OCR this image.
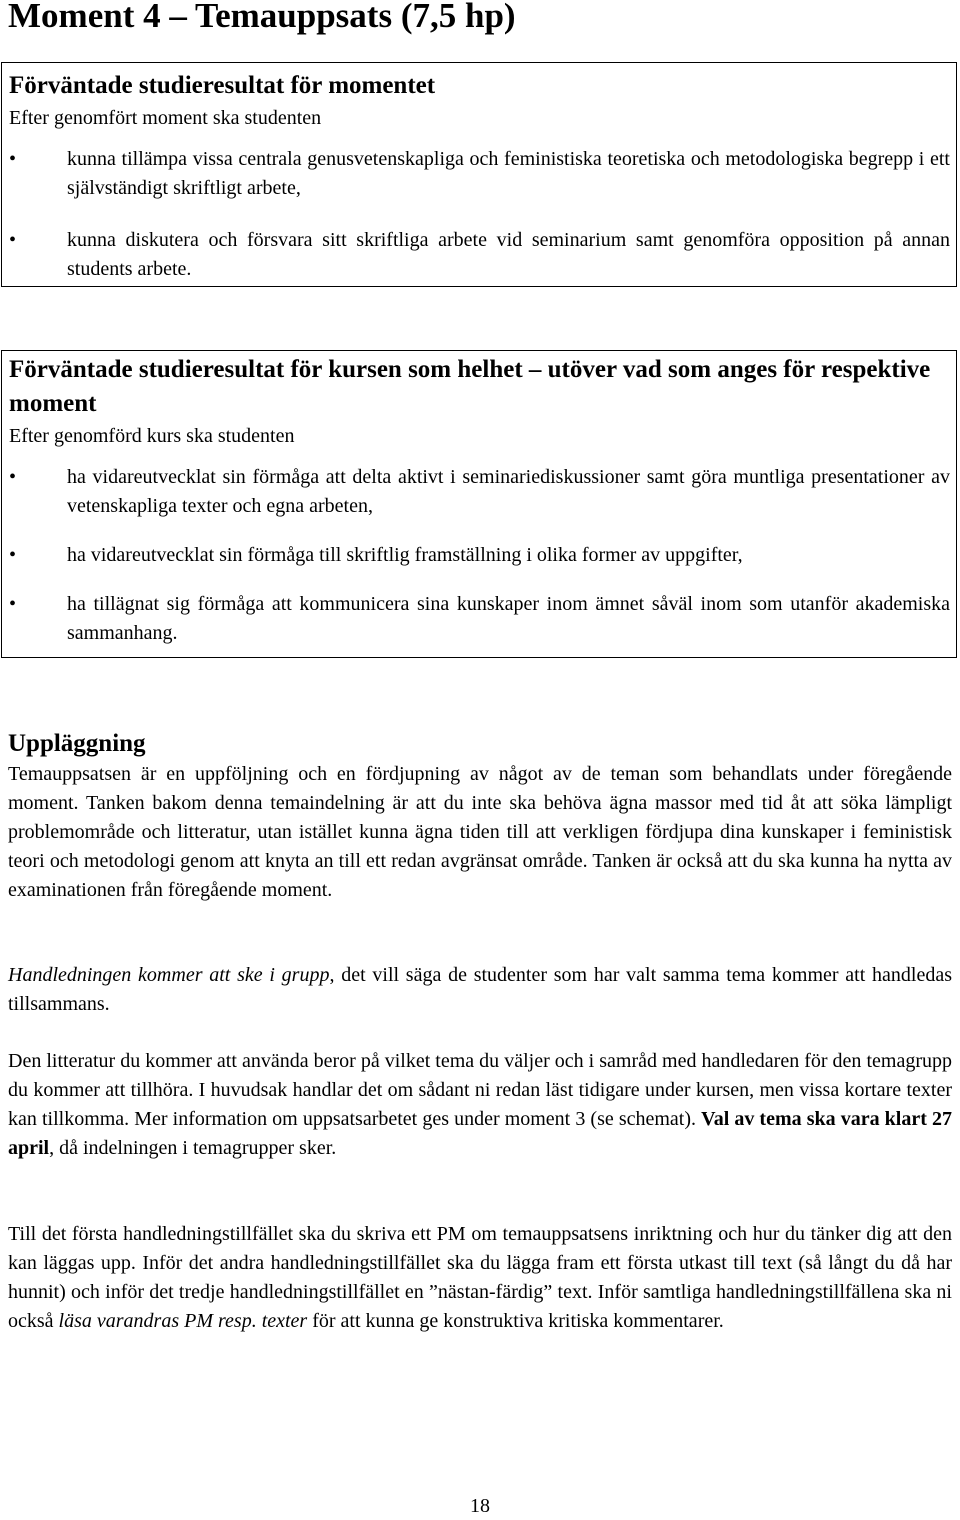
Moment 4 – Temauppsats (7,5 hp)
Förväntade studieresultat för momentet

Efter genomfört moment ska studenten

•	kunna tillämpa vissa centrala genusvetenskapliga och feministiska teoretiska och metodologiska begrepp i ett självständigt skriftligt arbete,
•	kunna diskutera och försvara sitt skriftliga arbete vid seminarium samt genomföra opposition på annan students arbete.
Förväntade studieresultat för kursen som helhet – utöver vad som anges för respektive moment

Efter genomförd kurs ska studenten

•	ha vidareutvecklat sin förmåga att delta aktivt i seminariediskussioner samt göra muntliga presentationer av vetenskapliga texter och egna arbeten,
•	ha vidareutvecklat sin förmåga till skriftlig framställning i olika former av uppgifter,
•	ha tillägnat sig förmåga att kommunicera sina kunskaper inom ämnet såväl inom som utanför akademiska sammanhang.
Uppläggning

Temauppsatsen är en uppföljning och en fördjupning av något av de teman som behandlats under föregående moment. Tanken bakom denna temaindelning är att du inte ska behöva ägna massor med tid åt att söka lämpligt problemområde och litteratur, utan istället kunna ägna tiden till att verkligen fördjupa dina kunskaper i feministisk teori och metodologi genom att knyta an till ett redan avgränsat område. Tanken är också att du ska kunna ha nytta av examinationen från föregående moment.

Handledningen kommer att ske i grupp, det vill säga de studenter som har valt samma tema kommer att handledas tillsammans.

Den litteratur du kommer att använda beror på vilket tema du väljer och i samråd med handledaren för den temagrupp du kommer att tillhöra. I huvudsak handlar det om sådant ni redan läst tidigare under kursen, men vissa kortare texter kan tillkomma. Mer information om uppsatsarbetet ges under moment 3 (se schemat). Val av tema ska vara klart 27 april, då indelningen i temagrupper sker.

Till det första handledningstillfället ska du skriva ett PM om temauppsatsens inriktning och hur du tänker dig att den kan läggas upp. Inför det andra handledningstillfället ska du lägga fram ett första utkast till text (så långt du då har hunnit) och inför det tredje handledningstillfället en ”nästan-färdig” text. Inför samtliga handledningstillfällena ska ni också läsa varandras PM resp. texter för att kunna ge konstruktiva kritiska kommentarer.

18
